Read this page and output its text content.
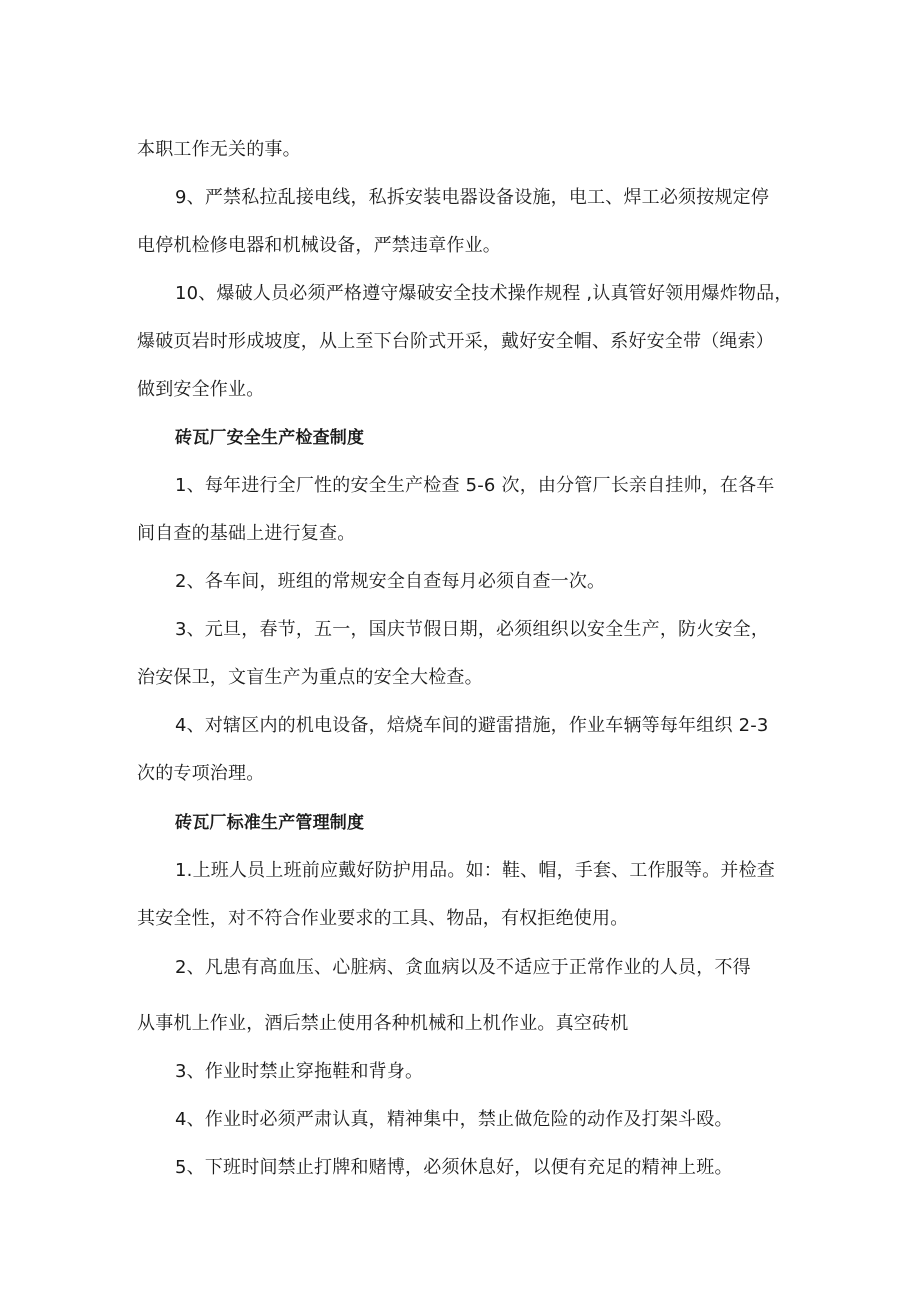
本职工作无关的事。
9、严禁私拉乱接电线，私拆安装电器设备设施，电工、焊工必须按规定停
电停机检修电器和机械设备，严禁违章作业。
10、爆破人员必须严格遵守爆破安全技术操作规程 ,认真管好领用爆炸物品，
爆破页岩时形成坡度，从上至下台阶式开采，戴好安全帽、系好安全带（绳索）
做到安全作业。
砖瓦厂安全生产检查制度
1、每年进行全厂性的安全生产检查 5-6 次，由分管厂长亲自挂帅，在各车
间自查的基础上进行复查。
2、各车间，班组的常规安全自查每月必须自查一次。
3、元旦，春节，五一，国庆节假日期，必须组织以安全生产，防火安全，
治安保卫，文盲生产为重点的安全大检查。
4、对辖区内的机电设备，焙烧车间的避雷措施，作业车辆等每年组织 2-3
次的专项治理。
砖瓦厂标准生产管理制度
1.上班人员上班前应戴好防护用品。如：鞋、帽，手套、工作服等。并检查
其安全性，对不符合作业要求的工具、物品，有权拒绝使用。
2、凡患有高血压、心脏病、贪血病以及不适应于正常作业的人员，不得
从事机上作业，酒后禁止使用各种机械和上机作业。真空砖机
3、作业时禁止穿拖鞋和背身。
4、作业时必须严肃认真，精神集中，禁止做危险的动作及打架斗殴。
5、下班时间禁止打牌和赌博，必须休息好，以便有充足的精神上班。
